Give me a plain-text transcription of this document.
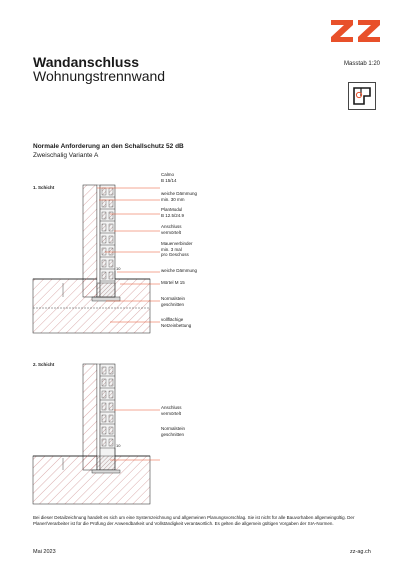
Wandanschluss
Wohnungstrennwand
Masstab 1:20
Normale Anforderung an den Schallschutz 52 dB
Zweischalig Variante A
1. Schicht
10
Calmo
B 15/14
weiche Dämmung
min. 30 mm
PlanModul
B 12.5/24.9
Anschluss
vermörtelt
Mauerverbinder
min. 3 mal
pro Geschoss
weiche Dämmung
Mörtel M 15
Normalstein
geschnitten
vollflächige
Netzeinbettung
2. Schicht
10
Anschluss
vermörtelt
Normalstein
geschnitten
Bei dieser Detailzeichnung handelt es sich um eine Systemzeichnung und allgemeinen Planungsvorschlag. Sie ist nicht für alle Bauvorhaben allgemeingültig. Der Planer/Verarbeiter ist für die Prüfung der Anwendbarkeit und Vollständigkeit verantwortlich. Es gelten die allgemein gültigen Vorgaben der SIA-Normen.
Mai 2023	zz-ag.ch
